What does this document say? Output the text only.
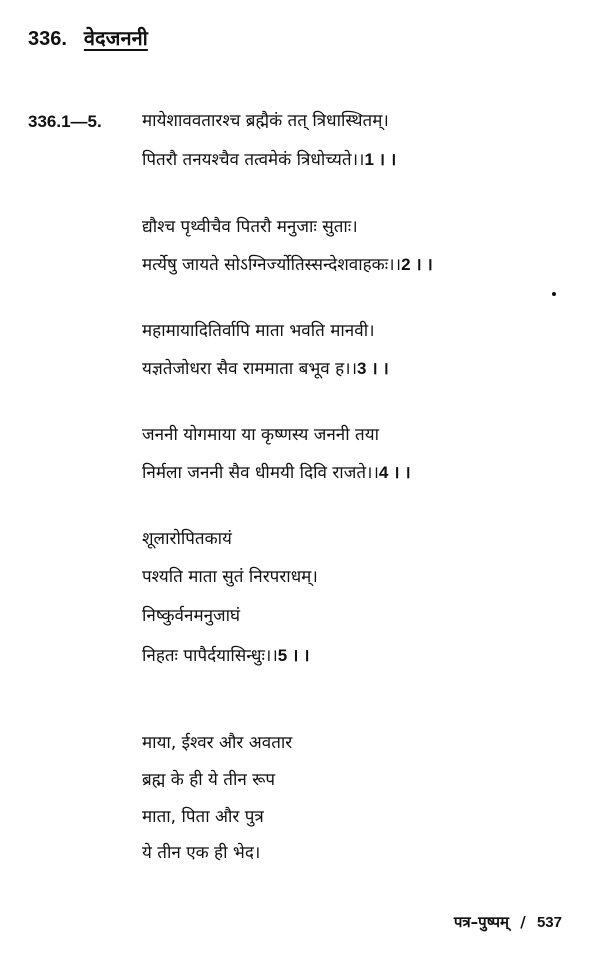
336. वेदजननी
336.1—5. मायेशाववतारश्च ब्रह्मैकं तत् त्रिधास्थितम्।
पितरौ तनयश्चैव तत्वमेकं त्रिधोच्यते।।1 । ।
द्यौश्च पृथ्वीचैव पितरौ मनुजाः सुताः।
मर्त्येषु जायते सोऽग्निर्ज्योतिस्सन्देशवाहकः।।2 । ।
महामायादितिर्वापि माता भवति मानवी।
यज्ञतेजोधरा सैव राममाता बभूव ह।।3 । ।
जननी योगमाया या कृष्णस्य जननी तया
निर्मला जननी सैव धीमयी दिवि राजते।।4 । ।
शूलारोपितकायं
पश्यति माता सुतं निरपराधम्।
निष्कुर्वनमनुजाघं
निहतः पापैर्दयासिन्धुः।।5 । ।
माया, ईश्वर और अवतार
ब्रह्म के ही ये तीन रूप
माता, पिता और पुत्र
ये तीन एक ही भेद।
पत्र–पुष्पम् / 537
